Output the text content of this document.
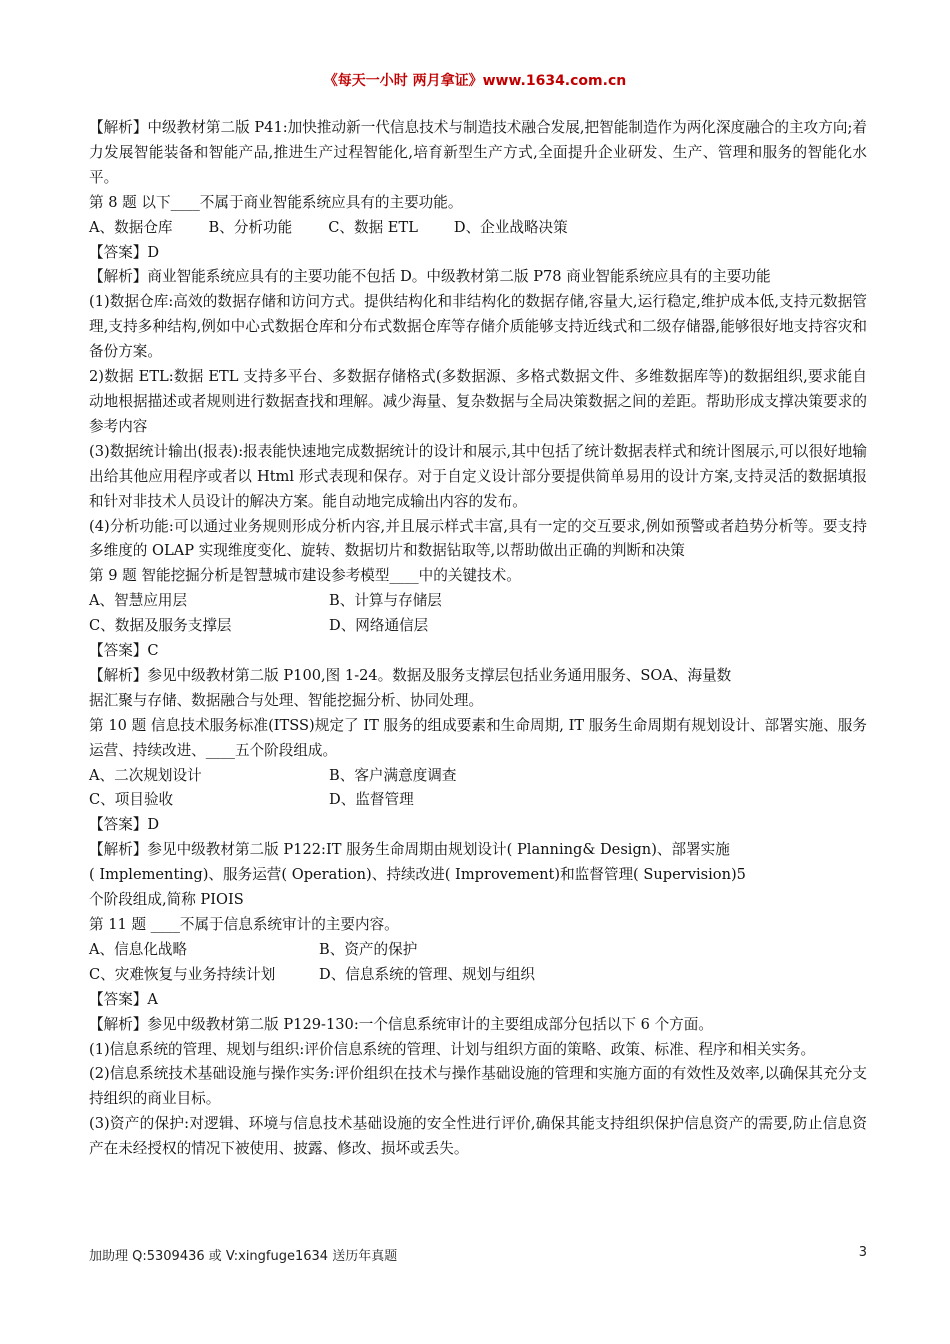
《每天一小时 两月拿证》www.1634.com.cn

【解析】中级教材第二版 P41:加快推动新一代信息技术与制造技术融合发展,把智能制造作为两化深度融合的主攻方向;着力发展智能装备和智能产品,推进生产过程智能化,培育新型生产方式,全面提升企业研发、生产、管理和服务的智能化水平。

第 8 题 以下____不属于商业智能系统应具有的主要功能。

A、数据仓库 B、分析功能 C、数据 ETL D、企业战略决策

【答案】D

【解析】商业智能系统应具有的主要功能不包括 D。中级教材第二版 P78 商业智能系统应具有的主要功能

(1)数据仓库:高效的数据存储和访问方式。提供结构化和非结构化的数据存储,容量大,运行稳定,维护成本低,支持元数据管理,支持多种结构,例如中心式数据仓库和分布式数据仓库等存储介质能够支持近线式和二级存储器,能够很好地支持容灾和备份方案。

2)数据 ETL:数据 ETL 支持多平台、多数据存储格式(多数据源、多格式数据文件、多维数据库等)的数据组织,要求能自动地根据描述或者规则进行数据查找和理解。减少海量、复杂数据与全局决策数据之间的差距。帮助形成支撑决策要求的参考内容

(3)数据统计输出(报表):报表能快速地完成数据统计的设计和展示,其中包括了统计数据表样式和统计图展示,可以很好地输出给其他应用程序或者以 Html 形式表现和保存。对于自定义设计部分要提供简单易用的设计方案,支持灵活的数据填报和针对非技术人员设计的解决方案。能自动地完成输出内容的发布。

(4)分析功能:可以通过业务规则形成分析内容,并且展示样式丰富,具有一定的交互要求,例如预警或者趋势分析等。要支持多维度的 OLAP 实现维度变化、旋转、数据切片和数据钻取等,以帮助做出正确的判断和决策

第 9 题 智能挖掘分析是智慧城市建设参考模型____中的关键技术。

A、智慧应用层	B、计算与存储层
C、数据及服务支撑层	D、网络通信层

【答案】C

【解析】参见中级教材第二版 P100,图 1-24。数据及服务支撑层包括业务通用服务、SOA、海量数

据汇聚与存储、数据融合与处理、智能挖掘分析、协同处理。

第 10 题 信息技术服务标准(ITSS)规定了 IT 服务的组成要素和生命周期, IT 服务生命周期有规划设计、部署实施、服务运营、持续改进、____五个阶段组成。

A、二次规划设计	B、客户满意度调查
C、项目验收	D、监督管理

【答案】D

【解析】参见中级教材第二版 P122:IT 服务生命周期由规划设计( Planning& Design)、部署实施

( Implementing)、服务运营( Operation)、持续改进( Improvement)和监督管理( Supervision)5

个阶段组成,简称 PIOIS

第 11 题 ____不属于信息系统审计的主要内容。

A、信息化战略	B、资产的保护
C、灾难恢复与业务持续计划	D、信息系统的管理、规划与组织

【答案】A

【解析】参见中级教材第二版 P129-130:一个信息系统审计的主要组成部分包括以下 6 个方面。

(1)信息系统的管理、规划与组织:评价信息系统的管理、计划与组织方面的策略、政策、标准、程序和相关实务。

(2)信息系统技术基础设施与操作实务:评价组织在技术与操作基础设施的管理和实施方面的有效性及效率,以确保其充分支持组织的商业目标。

(3)资产的保护:对逻辑、环境与信息技术基础设施的安全性进行评价,确保其能支持组织保护信息资产的需要,防止信息资产在未经授权的情况下被使用、披露、修改、损坏或丢失。

加助理 Q:5309436 或 V:xingfuge1634 送历年真题	3
